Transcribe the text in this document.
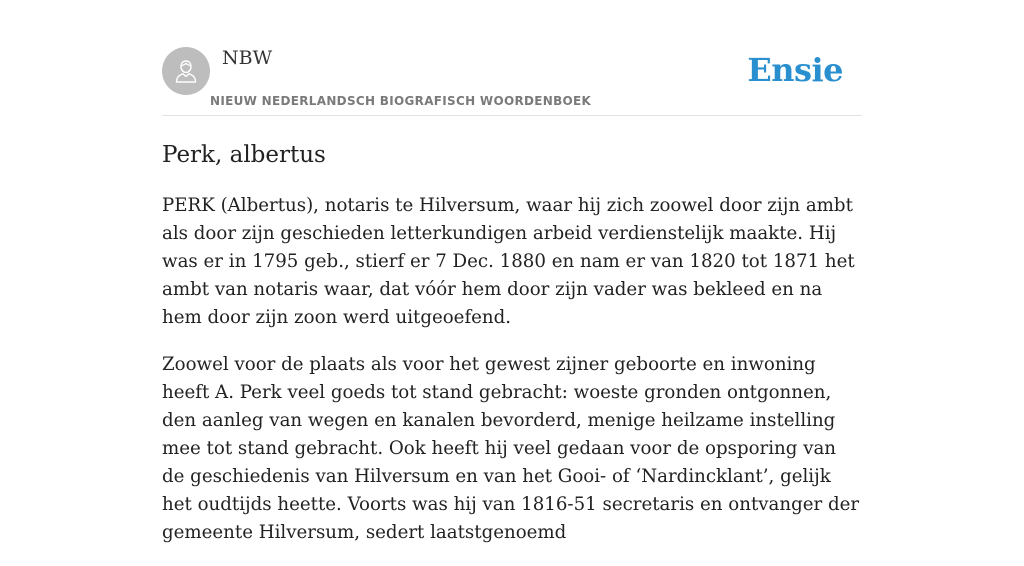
NBW
NIEUW NEDERLANDSCH BIOGRAFISCH WOORDENBOEK
Ensie
Perk, albertus

PERK (Albertus), notaris te Hilversum, waar hij zich zoowel door zijn ambt als door zijn geschieden letterkundigen arbeid verdienstelijk maakte. Hij was er in 1795 geb., stierf er 7 Dec. 1880 en nam er van 1820 tot 1871 het ambt van notaris waar, dat vóór hem door zijn vader was bekleed en na hem door zijn zoon werd uitgeoefend.

Zoowel voor de plaats als voor het gewest zijner geboorte en inwoning heeft A. Perk veel goeds tot stand gebracht: woeste gronden ontgonnen, den aanleg van wegen en kanalen bevorderd, menige heilzame instelling mee tot stand gebracht. Ook heeft hij veel gedaan voor de opsporing van de geschiedenis van Hilversum en van het Gooi- of ‘Nardincklant’, gelijk het oudtijds heette. Voorts was hij van 1816-51 secretaris en ontvanger der gemeente Hilversum, sedert laatstgenoemd
